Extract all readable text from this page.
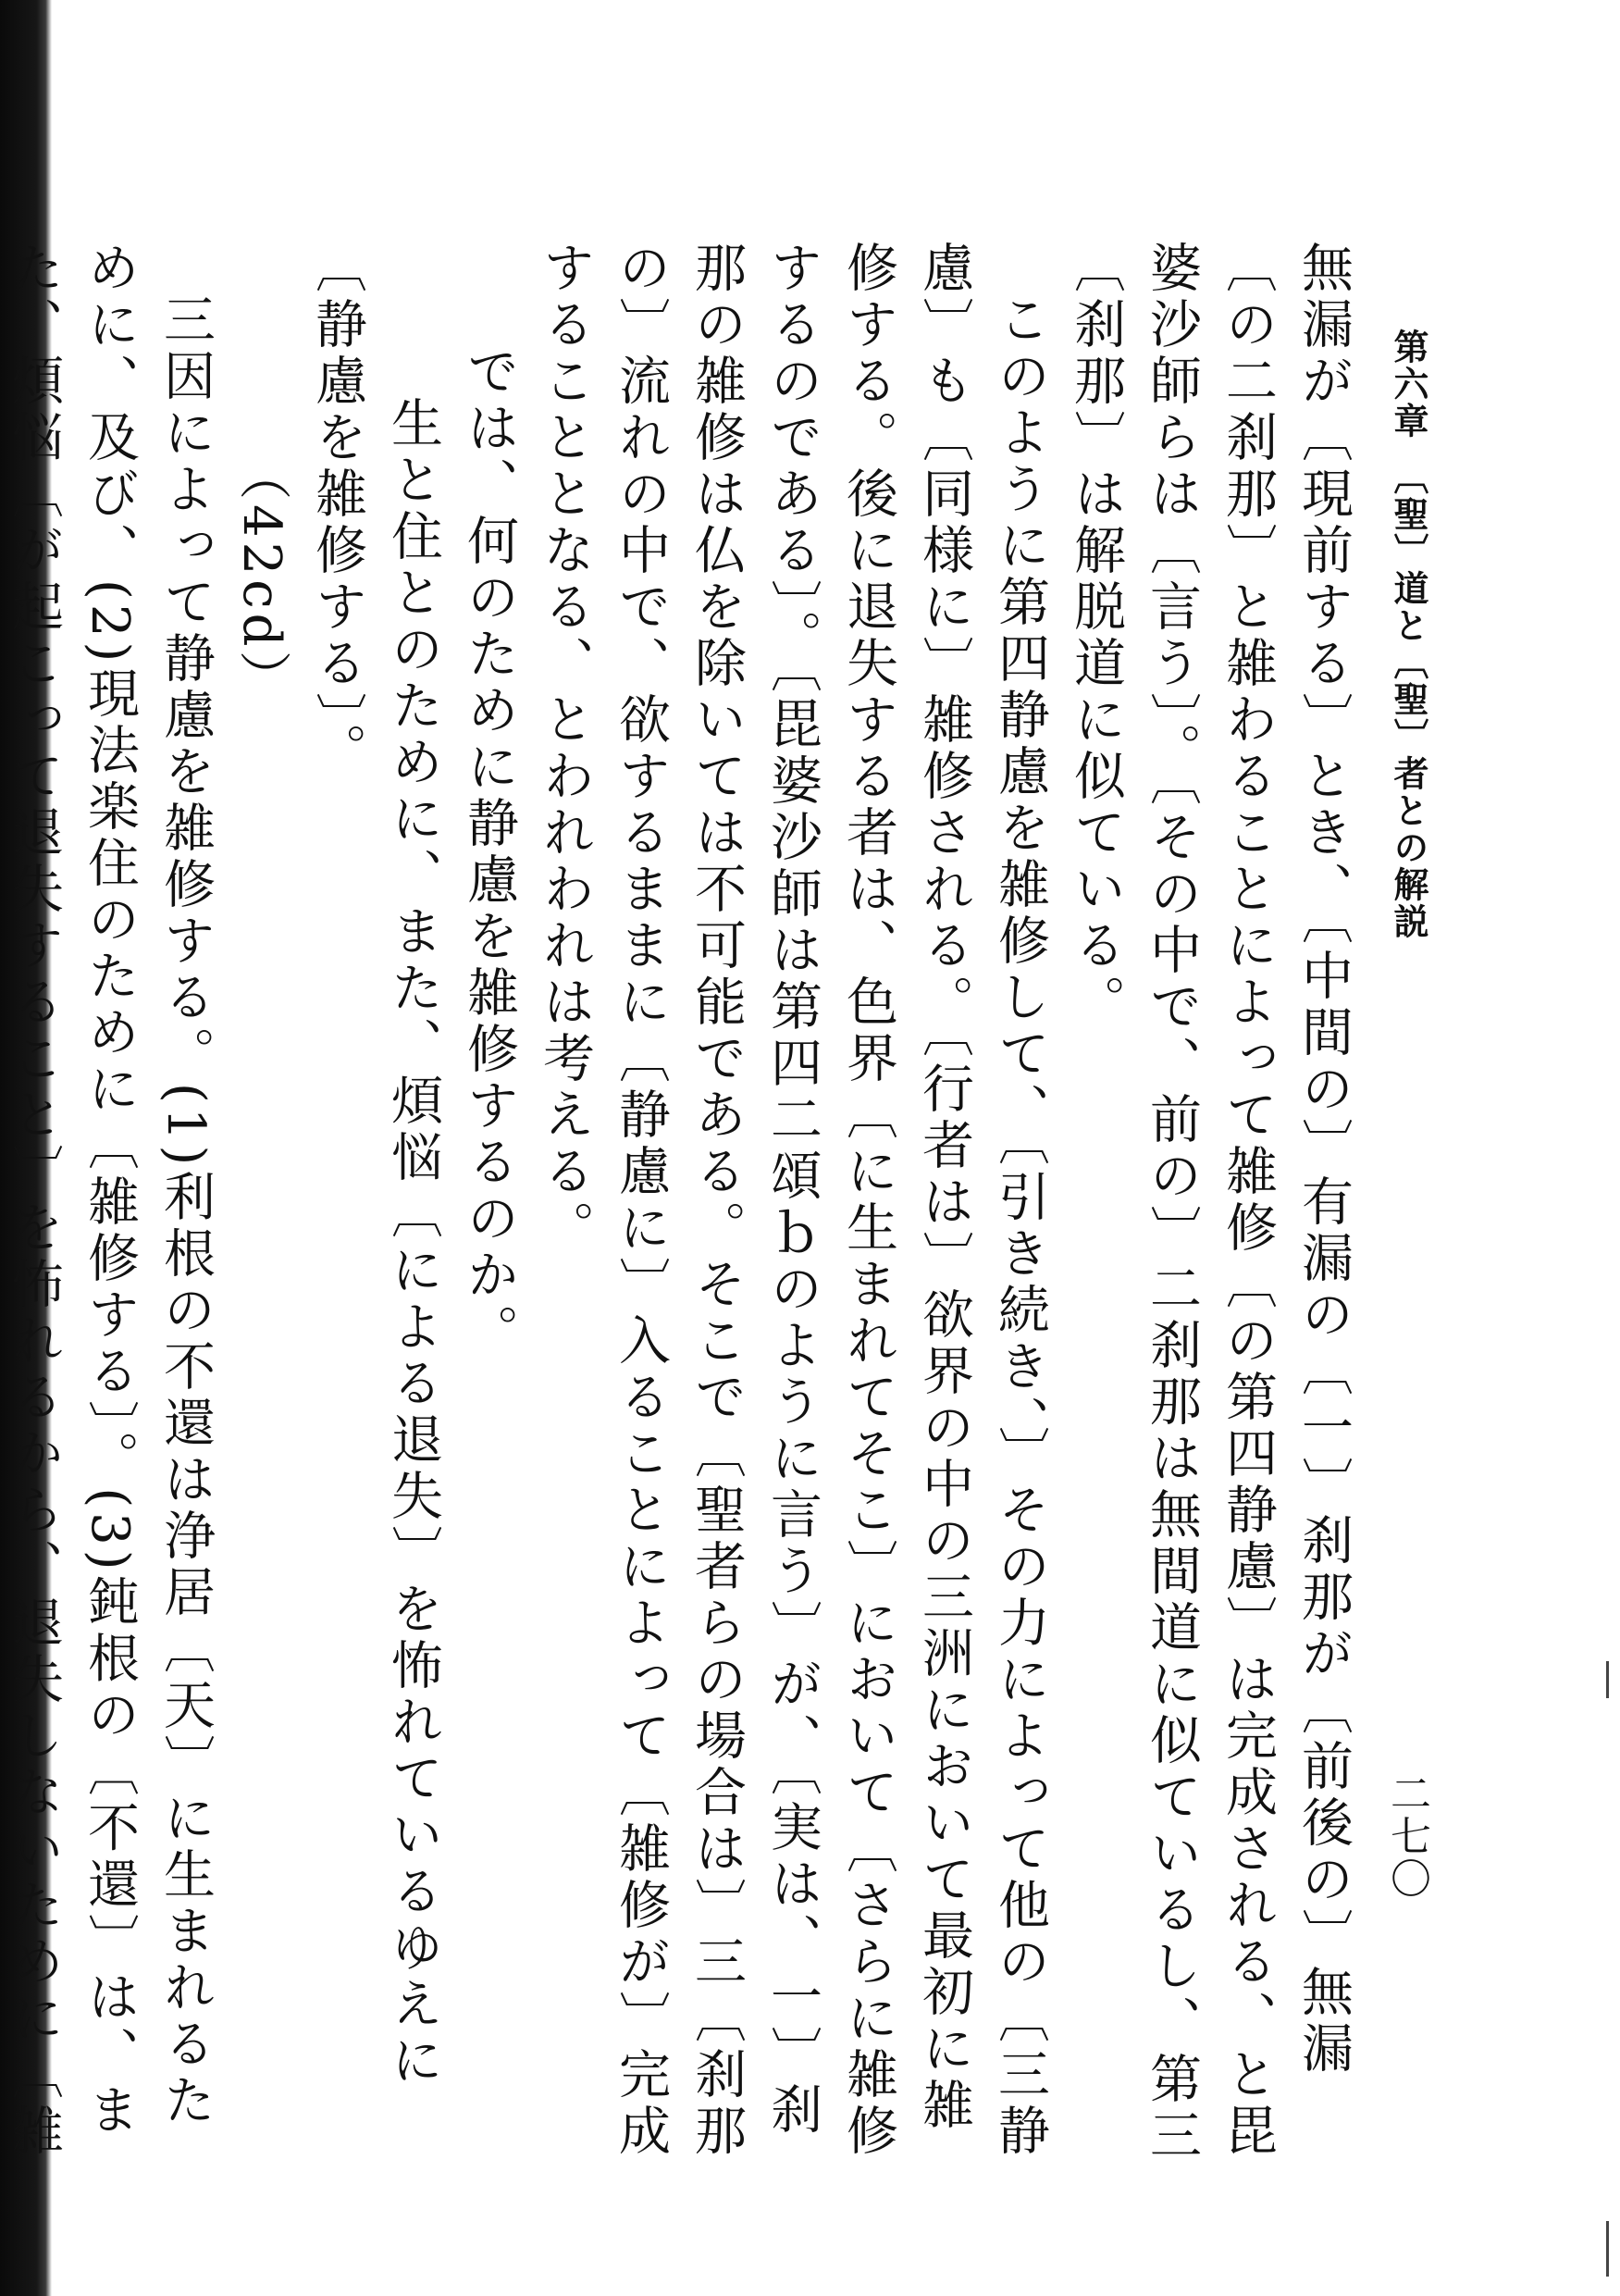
第六章　〔聖〕道と〔聖〕者との解説
二七〇

無漏が〔現前する〕とき、〔中間の〕有漏の〔一〕刹那が〔前後の〕無漏〔の二刹那〕と雑わることによって雑修〔の第四静慮〕は完成される、と毘婆沙師らは〔言う〕。〔その中で、前の〕二刹那は無間道に似ているし、第三〔刹那〕は解脱道に似ている。

このように第四静慮を雑修して、〔引き続き、〕その力によって他の〔三静慮〕も〔同様に〕雑修される。〔行者は〕欲界の中の三洲において最初に雑修する。後に退失する者は、色界〔に生まれてそこ〕において〔さらに雑修するのである〕。〔毘婆沙師は第四二頌ｂのように言う〕が、〔実は、一〕刹那の雑修は仏を除いては不可能である。そこで〔聖者らの場合は〕三〔刹那の〕流れの中で、欲するままに〔静慮に〕入ることによって〔雑修が〕完成することとなる、とわれわれは考える。

では、何のために静慮を雑修するのか。

生と住とのために、また、煩悩〔による退失〕を怖れているゆえに〔静慮を雑修する〕。

（42cd）

三因によって静慮を雑修する。(1)利根の不還は浄居〔天〕に生まれるために、及び、(2)現法楽住のために〔雑修する〕。(3)鈍根の〔不還〕は、また、煩悩〔が起こって退失すること〕を怖れるから、退失しないために〔雑
